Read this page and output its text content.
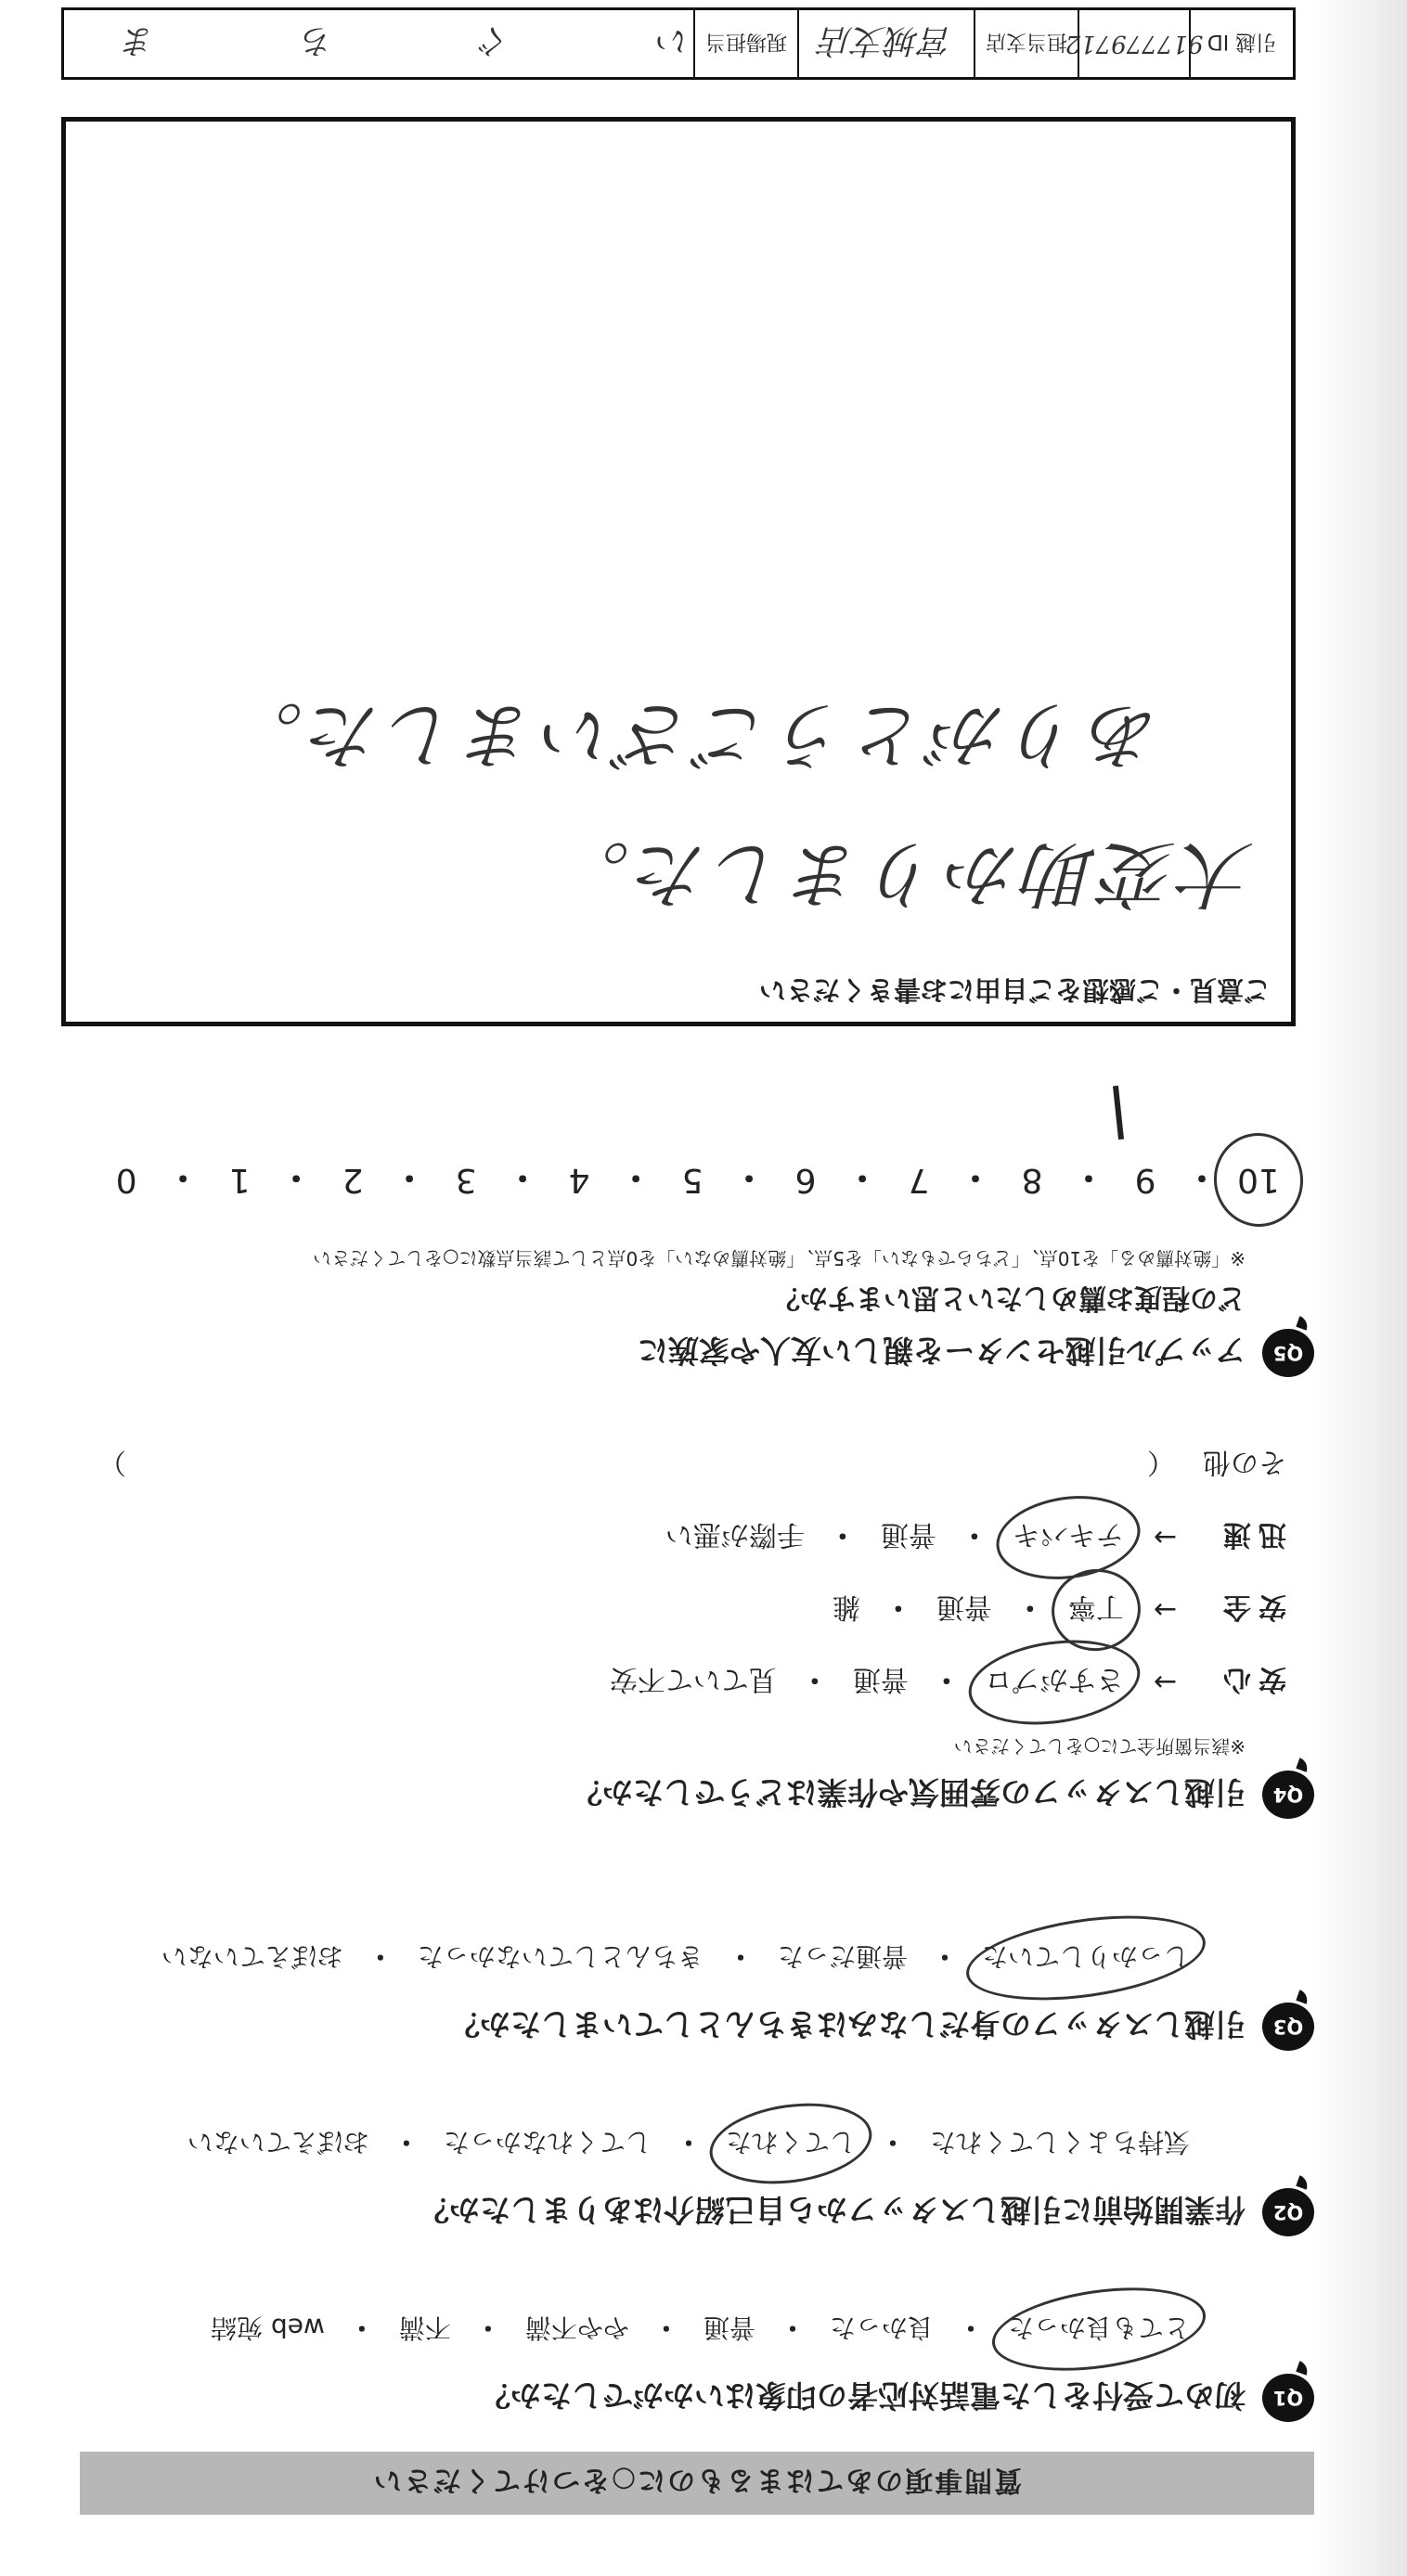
質問事項のあてはまるものに○をつけてください
Q1
初めて受付をした電話対応者の印象はいかがでしたか？
とても良かった
・
良かった
・
普通
・
やや不満
・
不満
・
web 宛結
Q2
作業開始前に引越しスタッフから自己紹介はありましたか？
気持ちよくしてくれた
・
してくれた
・
してくれなかった
・
おぼえていない
Q3
引越しスタッフの身だしなみはきちんとしていましたか？
しっかりしていた
・
普通だった
・
きちんとしていなかった
・
おぼえていない
Q4
引越しスタッフの雰囲気や作業はどうでしたか？
※該当箇所全てに○をしてください
安心
→
さすがプロ
・
普通
・
見ていて不安
安全
→
丁寧
・
普通
・
雑
迅速
→
テキパキ
・
普通
・
手際が悪い
その他
（
）
Q5
アップル引越センターを親しい友人や家族に
どの程度お薦めしたいと思いますか？
※「絶対薦める」を10点、「どちらでもない」を5点、「絶対薦めない」を0点として該当点数に○をしてください
10
・
9
・
8
・
7
・
6
・
5
・
4
・
3
・
2
・
1
・
0
ご意見・ご感想をご自由にお書きください
大変助かりました。
ありがとうございました。
引越 ID
917779712
担当支店
宮城支店
現場担当
い　ぐ　ち　ま
